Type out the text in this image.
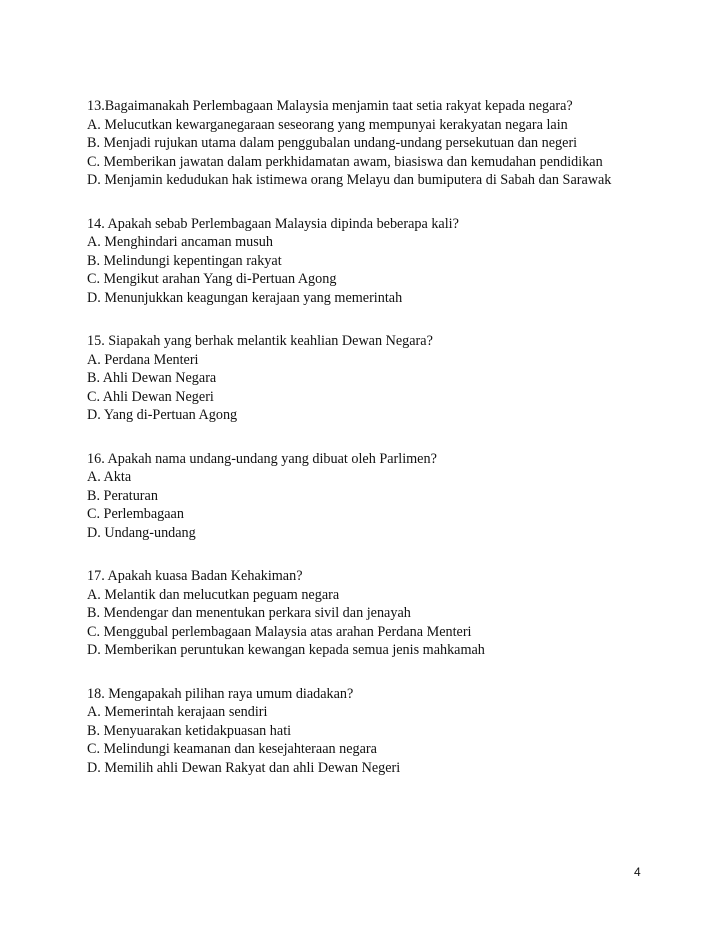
13.Bagaimanakah Perlembagaan Malaysia menjamin taat setia rakyat kepada negara?
A. Melucutkan kewarganegaraan seseorang yang mempunyai kerakyatan negara lain
B. Menjadi rujukan utama dalam penggubalan undang-undang persekutuan dan negeri
C. Memberikan jawatan dalam perkhidamatan awam, biasiswa dan kemudahan pendidikan
D. Menjamin kedudukan hak istimewa orang Melayu dan bumiputera di Sabah dan Sarawak
14. Apakah sebab Perlembagaan Malaysia dipinda beberapa kali?
A. Menghindari ancaman musuh
B. Melindungi kepentingan rakyat
C. Mengikut arahan Yang di-Pertuan Agong
D. Menunjukkan keagungan kerajaan yang memerintah
15. Siapakah yang berhak melantik keahlian Dewan Negara?
A. Perdana Menteri
B. Ahli Dewan Negara
C. Ahli Dewan Negeri
D. Yang di-Pertuan Agong
16. Apakah nama undang-undang yang dibuat oleh Parlimen?
A. Akta
B. Peraturan
C. Perlembagaan
D. Undang-undang
17. Apakah kuasa Badan Kehakiman?
A. Melantik dan melucutkan peguam negara
B. Mendengar dan menentukan perkara sivil dan jenayah
C. Menggubal perlembagaan Malaysia atas arahan Perdana Menteri
D. Memberikan peruntukan kewangan kepada semua jenis mahkamah
18. Mengapakah pilihan raya umum diadakan?
A. Memerintah kerajaan sendiri
B. Menyuarakan ketidakpuasan hati
C. Melindungi keamanan dan kesejahteraan negara
D. Memilih ahli Dewan Rakyat dan ahli Dewan Negeri
4
